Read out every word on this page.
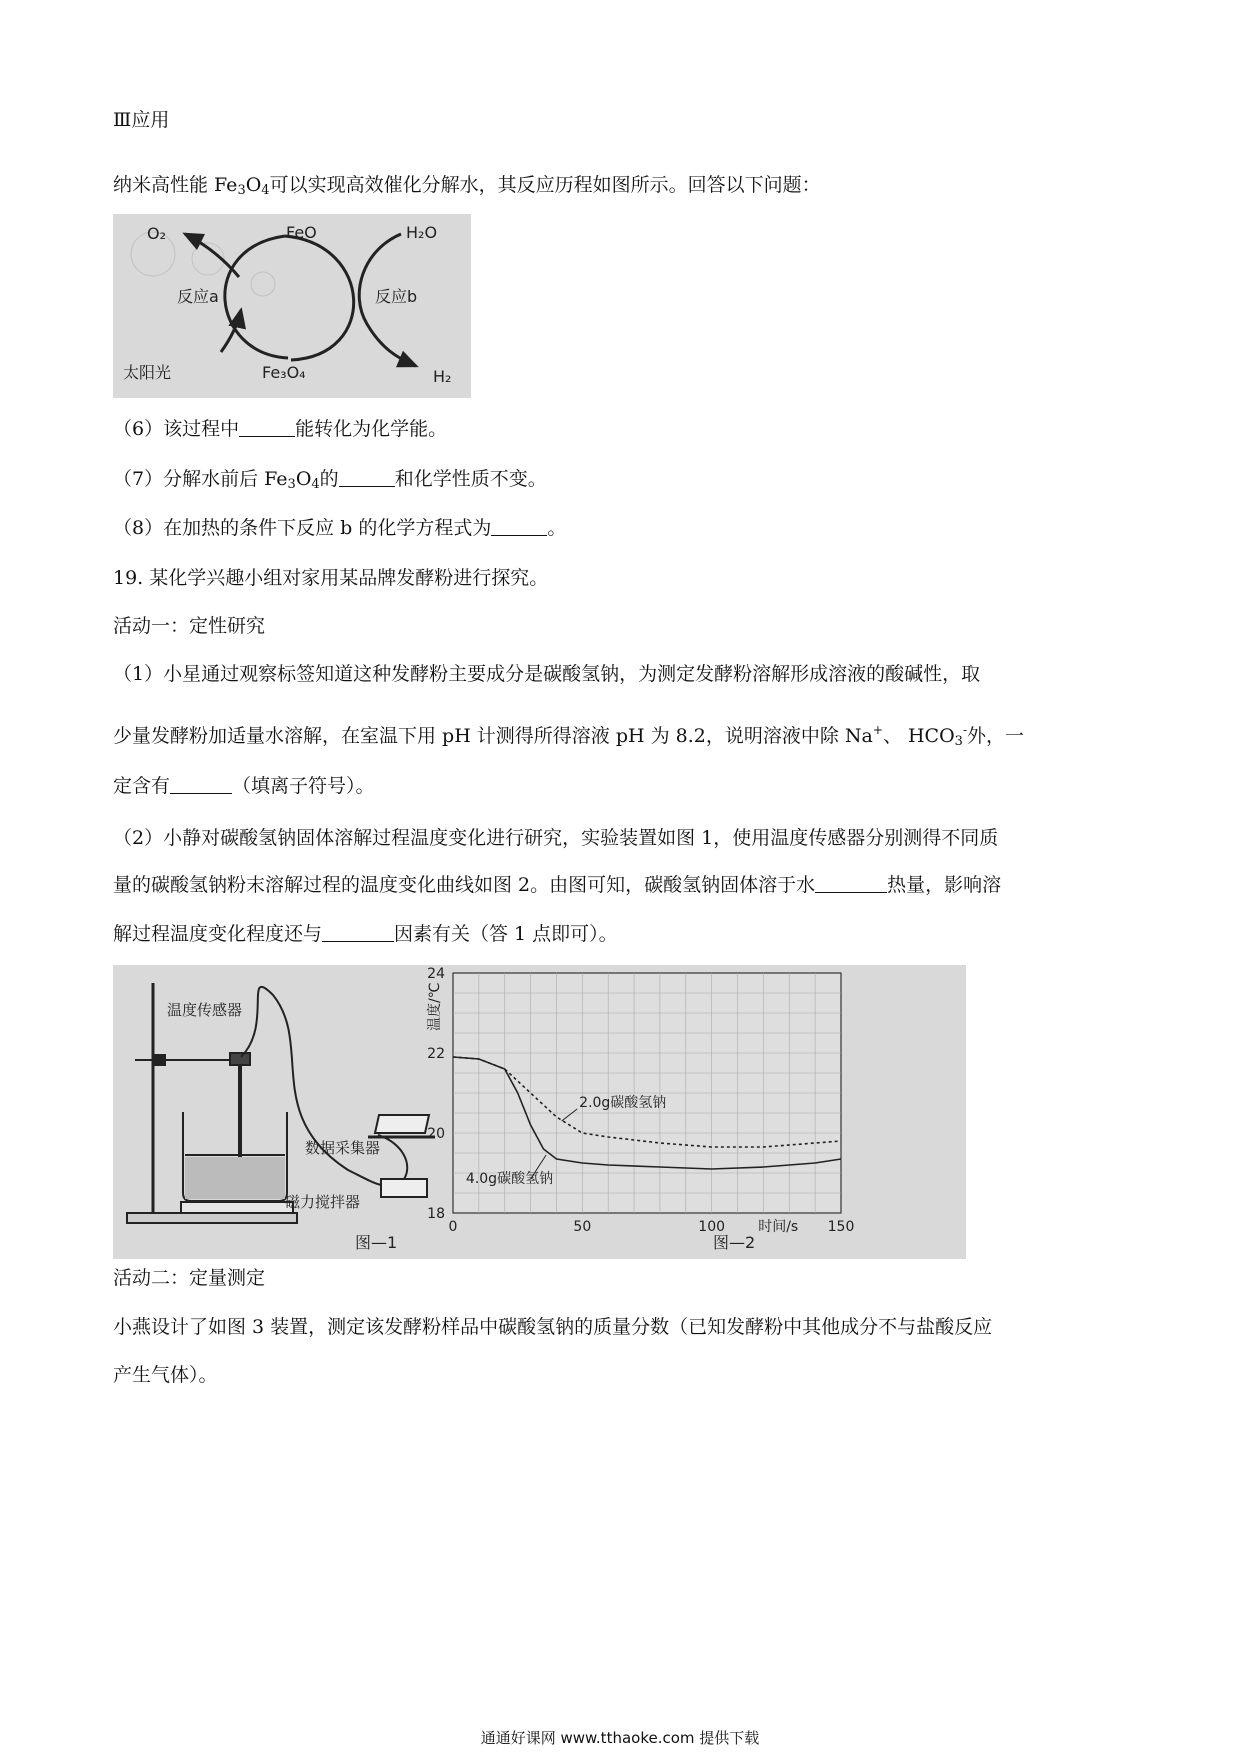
Ⅲ应用
纳米高性能 $Fe_3O_4$可以实现高效催化分解水，其反应历程如图所示。回答以下问题：
O₂	FeO	H₂O
反应a	反应b
太阳光	Fe₃O₄	H₂
（6）该过程中	能转化为化学能。
（7）分解水前后 $Fe_3O_4$的	和化学性质不变。
（8）在加热的条件下反应 b 的化学方程式为	。
19. 某化学兴趣小组对家用某品牌发酵粉进行探究。
活动一：定性研究
（1）小星通过观察标签知道这种发酵粉主要成分是碳酸氢钠，为测定发酵粉溶解形成溶液的酸碱性，取
少量发酵粉加适量水溶解，在室温下用 pH 计测得所得溶液 pH 为 8.2，说明溶液中除 Na+、 $HCO_3^-$外，一
定含有	（填离子符号）。
（2）小静对碳酸氢钠固体溶解过程温度变化进行研究，实验装置如图 1，使用温度传感器分别测得不同质
量的碳酸氢钠粉末溶解过程的温度变化曲线如图 2。由图可知，碳酸氢钠固体溶于水	热量，影响溶
解过程温度变化程度还与	因素有关（答 1 点即可）。
温度传感器
数据采集器
磁力搅拌器
图—1
18
20
22
24
0	50	100	150
2.0g碳酸氢钠
4.0g碳酸氢钠
温度/℃
时间/s
图—2
活动二：定量测定
小燕设计了如图 3 装置，测定该发酵粉样品中碳酸氢钠的质量分数（已知发酵粉中其他成分不与盐酸反应
产生气体）。
通通好课网 www.tthaoke.com 提供下载
